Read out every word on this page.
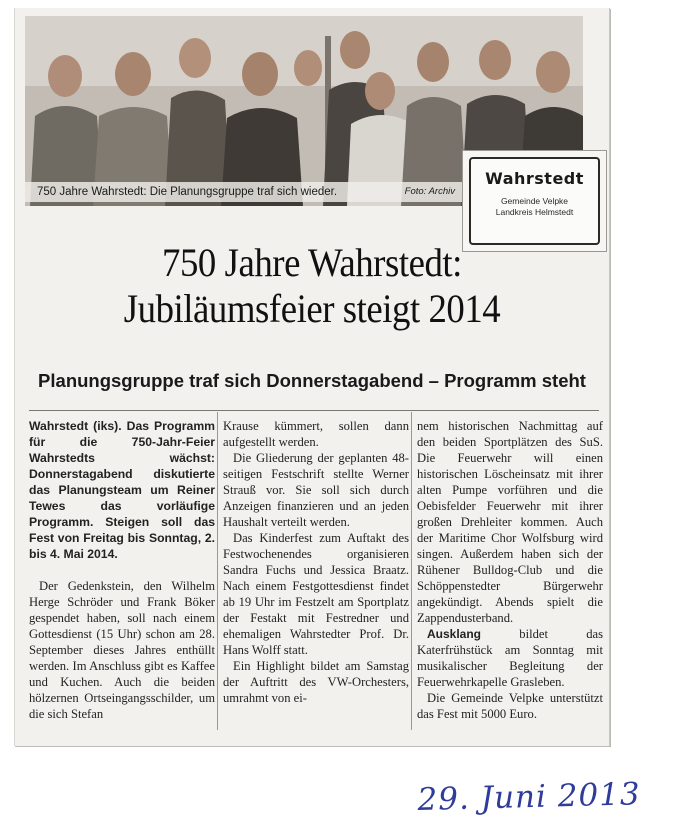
750 Jahre Wahrstedt: Die Planungsgruppe traf sich wieder.	Foto: Archiv
Wahrstedt
Gemeinde Velpke
Landkreis Helmstedt
750 Jahre Wahrstedt:
Jubiläumsfeier steigt 2014
Planungsgruppe traf sich Donnerstagabend – Programm steht

Wahrstedt (iks). Das Programm für die 750-Jahr-Feier Wahrstedts wächst: Donnerstagabend diskutierte das Planungsteam um Reiner Tewes das vorläufige Programm. Steigen soll das Fest von Freitag bis Sonntag, 2. bis 4. Mai 2014.

Der Gedenkstein, den Wilhelm Herge Schröder und Frank Böker gespendet haben, soll nach einem Gottesdienst (15 Uhr) schon am 28. September dieses Jahres enthüllt werden. Im Anschluss gibt es Kaffee und Kuchen. Auch die beiden hölzernen Ortseingangsschilder, um die sich Stefan

Krause kümmert, sollen dann aufgestellt werden.

Die Gliederung der geplanten 48-seitigen Festschrift stellte Werner Strauß vor. Sie soll sich durch Anzeigen finanzieren und an jeden Haushalt verteilt werden.

Das Kinderfest zum Auftakt des Festwochenendes organisieren Sandra Fuchs und Jessica Braatz. Nach einem Festgottesdienst findet ab 19 Uhr im Festzelt am Sportplatz der Festakt mit Festredner und ehemaligen Wahrstedter Prof. Dr. Hans Wolff statt.

Ein Highlight bildet am Samstag der Auftritt des VW-Orchesters, umrahmt von ei-

nem historischen Nachmittag auf den beiden Sportplätzen des SuS. Die Feuerwehr will einen historischen Löscheinsatz mit ihrer alten Pumpe vorführen und die Oebisfelder Feuerwehr mit ihrer großen Drehleiter kommen. Auch der Maritime Chor Wolfsburg wird singen. Außerdem haben sich der Rühener Bulldog-Club und die Schöppenstedter Bürgerwehr angekündigt. Abends spielt die Zappendusterband.

Ausklang bildet das Katerfrühstück am Sonntag mit musikalischer Begleitung der Feuerwehrkapelle Grasleben.

Die Gemeinde Velpke unterstützt das Fest mit 5000 Euro.

29. Juni 2013
